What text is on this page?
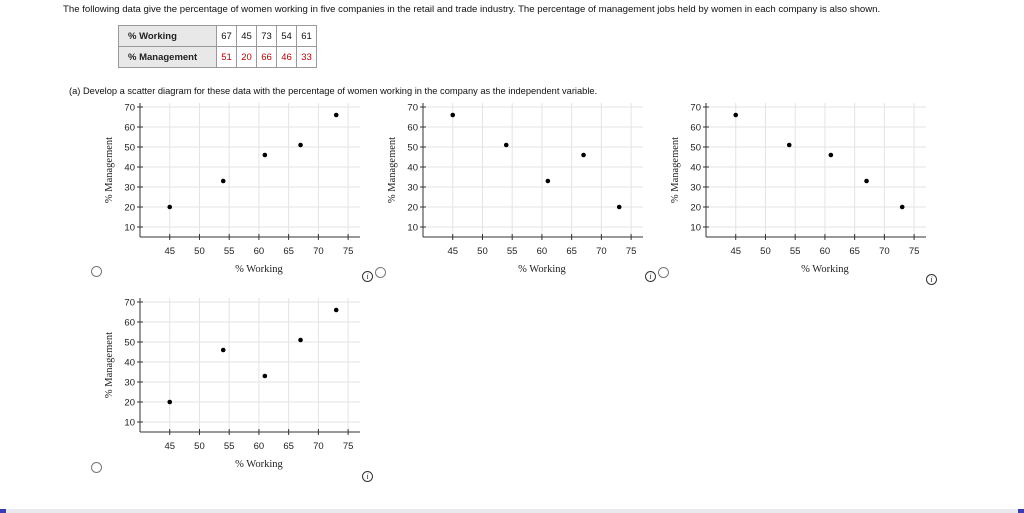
The following data give the percentage of women working in five companies in the retail and trade industry. The percentage of management jobs held by women in each company is also shown.
% Working	67	45	73	54	61
% Management	51	20	66	46	33
(a) Develop a scatter diagram for these data with the percentage of women working in the company as the independent variable.
10
20
30
40
50
60
70
45 50 55 60 65 70 75
% Working
% Management
10
20
30
40
50
60
70
45 50 55 60 65 70 75
% Working
% Management
10
20
30
40
50
60
70
45 50 55 60 65 70 75
% Working
% Management
10
20
30
40
50
60
70
45 50 55 60 65 70 75
% Working
% Management
i	i	i
i
